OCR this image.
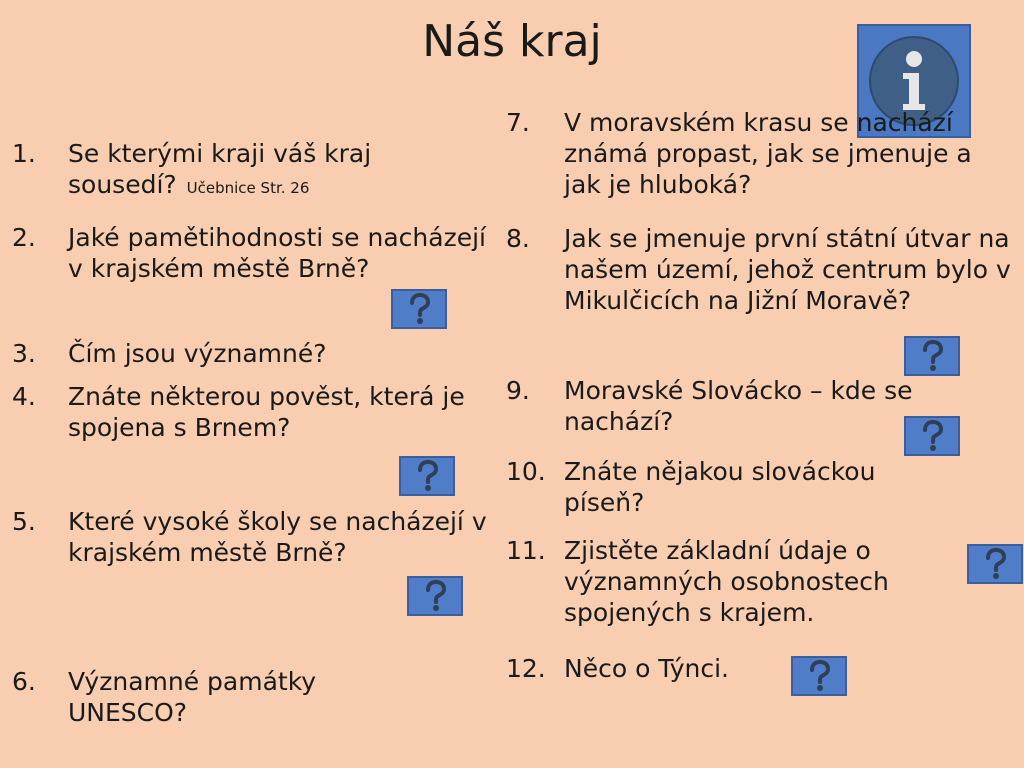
Náš kraj
1. Se kterými kraji váš kraj sousedí? Učebnice Str. 26
2. Jaké pamětihodnosti se nacházejí v krajském městě Brně?
3. Čím jsou významné?
4. Znáte některou pověst, která je spojena s Brnem?
5. Které vysoké školy se nacházejí v krajském městě Brně?
6. Významné památky UNESCO?
7. V moravském krasu se nachází známá propast, jak se jmenuje a jak je hluboká?
8. Jak se jmenuje první státní útvar na našem území, jehož centrum bylo v Mikulčicích na Jižní Moravě?
9. Moravské Slovácko – kde se nachází?
10. Znáte nějakou slováckou píseň?
11. Zjistěte základní údaje o významných osobnostech spojených s krajem.
12. Něco o Týnci.
